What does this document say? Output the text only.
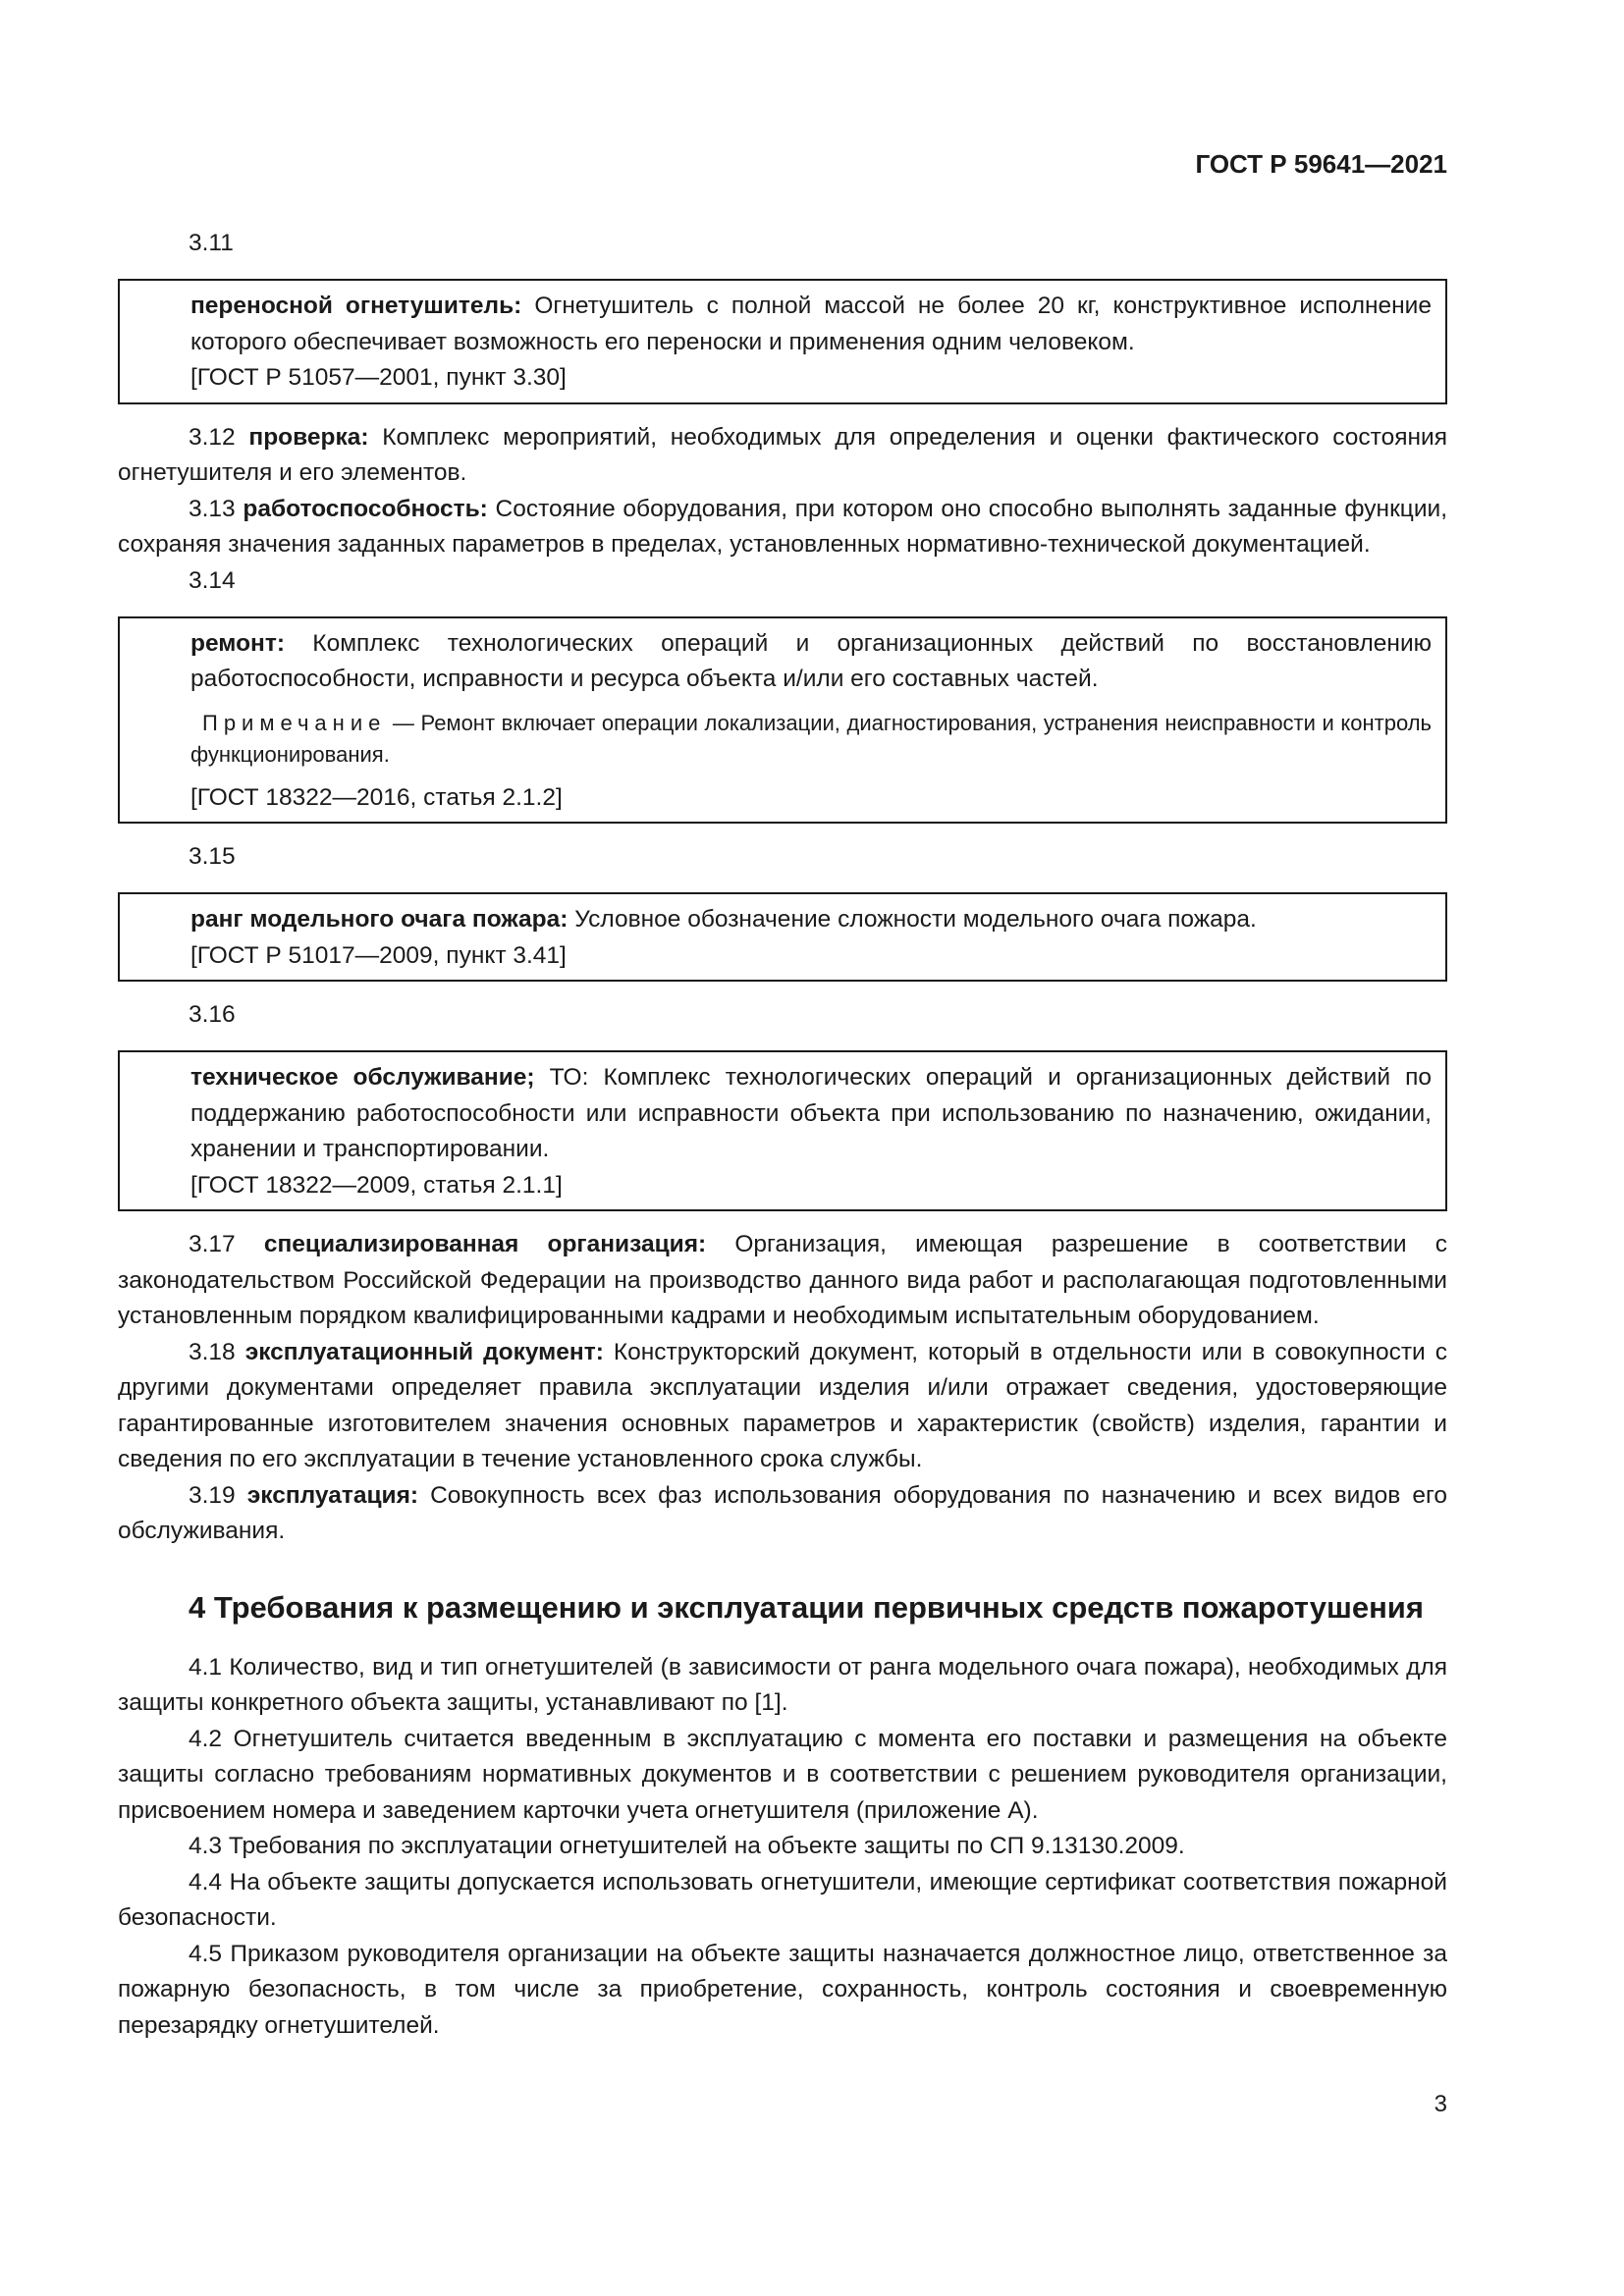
ГОСТ Р 59641—2021

3.11

переносной огнетушитель: Огнетушитель с полной массой не более 20 кг, конструктивное исполнение которого обеспечивает возможность его переноски и применения одним человеком.

[ГОСТ Р 51057—2001, пункт 3.30]

3.12 проверка: Комплекс мероприятий, необходимых для определения и оценки фактического состояния огнетушителя и его элементов.

3.13 работоспособность: Состояние оборудования, при котором оно способно выполнять заданные функции, сохраняя значения заданных параметров в пределах, установленных нормативно-технической документацией.

3.14

ремонт: Комплекс технологических операций и организационных действий по восстановлению работоспособности, исправности и ресурса объекта и/или его составных частей.

Примечание — Ремонт включает операции локализации, диагностирования, устранения неисправности и контроль функционирования.

[ГОСТ 18322—2016, статья 2.1.2]

3.15

ранг модельного очага пожара: Условное обозначение сложности модельного очага пожара.

[ГОСТ Р 51017—2009, пункт 3.41]

3.16

техническое обслуживание; ТО: Комплекс технологических операций и организационных действий по поддержанию работоспособности или исправности объекта при использованию по назначению, ожидании, хранении и транспортировании.

[ГОСТ 18322—2009, статья 2.1.1]

3.17 специализированная организация: Организация, имеющая разрешение в соответствии с законодательством Российской Федерации на производство данного вида работ и располагающая подготовленными установленным порядком квалифицированными кадрами и необходимым испытательным оборудованием.

3.18 эксплуатационный документ: Конструкторский документ, который в отдельности или в совокупности с другими документами определяет правила эксплуатации изделия и/или отражает сведения, удостоверяющие гарантированные изготовителем значения основных параметров и характеристик (свойств) изделия, гарантии и сведения по его эксплуатации в течение установленного срока службы.

3.19 эксплуатация: Совокупность всех фаз использования оборудования по назначению и всех видов его обслуживания.

4 Требования к размещению и эксплуатации первичных средств пожаротушения

4.1 Количество, вид и тип огнетушителей (в зависимости от ранга модельного очага пожара), необходимых для защиты конкретного объекта защиты, устанавливают по [1].

4.2 Огнетушитель считается введенным в эксплуатацию с момента его поставки и размещения на объекте защиты согласно требованиям нормативных документов и в соответствии с решением руководителя организации, присвоением номера и заведением карточки учета огнетушителя (приложение А).

4.3 Требования по эксплуатации огнетушителей на объекте защиты по СП 9.13130.2009.

4.4 На объекте защиты допускается использовать огнетушители, имеющие сертификат соответствия пожарной безопасности.

4.5 Приказом руководителя организации на объекте защиты назначается должностное лицо, ответственное за пожарную безопасность, в том числе за приобретение, сохранность, контроль состояния и своевременную перезарядку огнетушителей.

3
